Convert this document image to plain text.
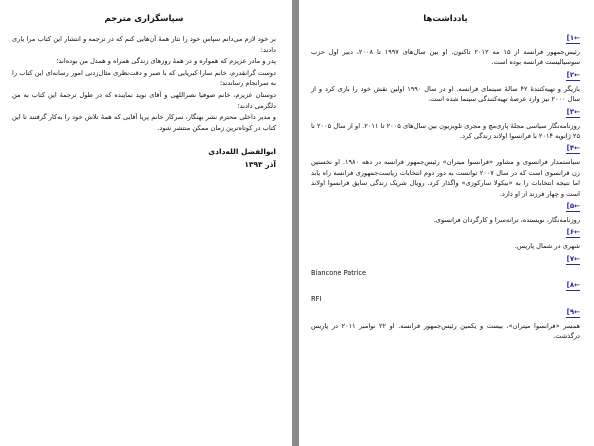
سپاسگزاری مترجم

بر خود لازم می‌دانم سپاس خود را نثار همهٔ آن‌هایی کنم که در ترجمه و انتشار این کتاب مرا یاری دادند:

پدر و مادر عزیزم که همواره و در همهٔ روزهای زندگی همراه و همدل من بوده‌اند؛

دوست گرانقدرم، خانم سارا کبریایی که با صبر و دقت‌نظری مثال‌زدنی امور رسانه‌ای این کتاب را به سرانجام رساندند؛

دوستان عزیزم، خانم صوفیا نصراللهی و آقای نوید نماینده که در طول ترجمهٔ این کتاب به من دلگرمی دادند؛

و مدیر داخلی محترم نشر بهنگار، سرکار خانم پریا آقایی که همهٔ تلاش خود را به‌کار گرفتند تا این کتاب در کوتاه‌ترین زمان ممکن منتشر شود.

ابوالفضل الله‌دادی
آذر ۱۳۹۳
یادداشت‌ها
[۱←
رئیس‌جمهور فرانسه از ۱۵ مه ۲۰۱۲ تاکنون. او بین سال‌های ۱۹۹۷ تا ۲۰۰۸، دبیر اول حزب سوسیالیست فرانسه بوده است.
[۲←
بازیگر و تهیه‌کنندهٔ ۴۲ سالهٔ سینمای فرانسه. او در سال ۱۹۹۰ اولین نقش خود را بازی کرد و از سال ۲۰۰۰ نیز وارد عرصهٔ تهیه‌کنندگی سینما شده است.
[۳←
روزنامه‌نگار سیاسی مجلهٔ پاری‌مچ و مجری تلویزیون بین سال‌های ۲۰۰۵ تا ۲۰۱۱. او از سال ۲۰۰۵ تا ۲۵ ژانویه ۲۰۱۴ با فرانسوا اولاند زندگی کرد.
[۴←
سیاستمدار فرانسوی و مشاور «فرانسوا میتران» رئیس‌جمهور فرانسه در دهه ۱۹۸۰. او نخستین زن فرانسوی است که در سال ۲۰۰۷ توانست به دور دوم انتخابات ریاست‌جمهوری فرانسه راه یابد اما نتیجه انتخابات را به «نیکولا سارکوزی» واگذار کرد. رویال شریک زندگی سابق فرانسوا اولاند است و چهار فرزند از او دارد.
[۵←
روزنامه‌نگار، نویسنده، ترانه‌سرا و کارگردان فرانسوی.
[۶←
شهری در شمال پاریس.
[۷←
Biancone Patrice
[۸←
RFI
[۹←
همسر «فرانسوا میتران»، بیست و یکمین رئیس‌جمهور فرانسه. او ۲۲ نوامبر ۲۰۱۱ در پاریس درگذشت.
